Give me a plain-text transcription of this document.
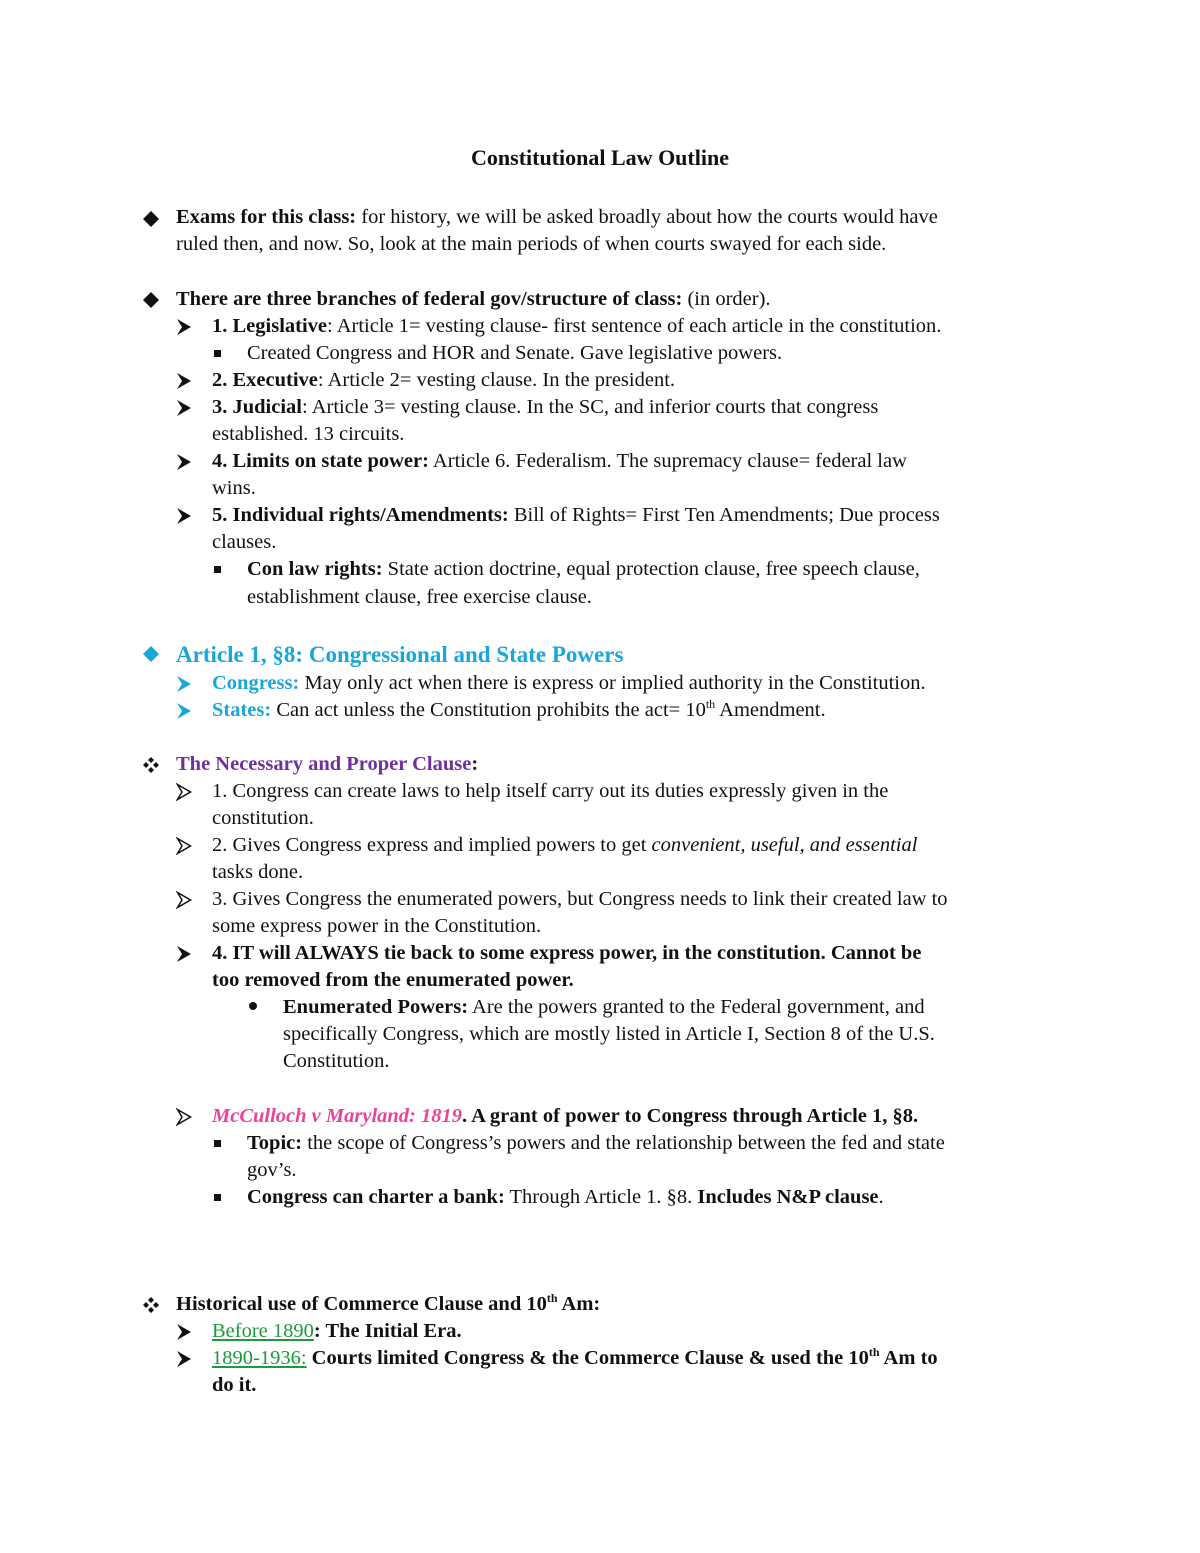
Constitutional Law Outline
Exams for this class: for history, we will be asked broadly about how the courts would have
ruled then, and now. So, look at the main periods of when courts swayed for each side.
There are three branches of federal gov/structure of class: (in order).
1. Legislative: Article 1= vesting clause- first sentence of each article in the constitution.
Created Congress and HOR and Senate. Gave legislative powers.
2. Executive: Article 2= vesting clause. In the president.
3. Judicial: Article 3= vesting clause. In the SC, and inferior courts that congress
established. 13 circuits.
4. Limits on state power: Article 6. Federalism. The supremacy clause= federal law
wins.
5. Individual rights/Amendments: Bill of Rights= First Ten Amendments; Due process
clauses.
Con law rights: State action doctrine, equal protection clause, free speech clause,
establishment clause, free exercise clause.
Article 1, §8: Congressional and State Powers
Congress: May only act when there is express or implied authority in the Constitution.
States: Can act unless the Constitution prohibits the act= 10th Amendment.
The Necessary and Proper Clause:
1. Congress can create laws to help itself carry out its duties expressly given in the
constitution.
2. Gives Congress express and implied powers to get convenient, useful, and essential
tasks done.
3. Gives Congress the enumerated powers, but Congress needs to link their created law to
some express power in the Constitution.
4. IT will ALWAYS tie back to some express power, in the constitution. Cannot be
too removed from the enumerated power.
Enumerated Powers: Are the powers granted to the Federal government, and
specifically Congress, which are mostly listed in Article I, Section 8 of the U.S.
Constitution.
McCulloch v Maryland: 1819. A grant of power to Congress through Article 1, §8.
Topic: the scope of Congress’s powers and the relationship between the fed and state
gov’s.
Congress can charter a bank: Through Article 1. §8. Includes N&P clause.
Historical use of Commerce Clause and 10th Am:
Before 1890: The Initial Era.
1890-1936: Courts limited Congress & the Commerce Clause & used the 10th Am to
do it.
